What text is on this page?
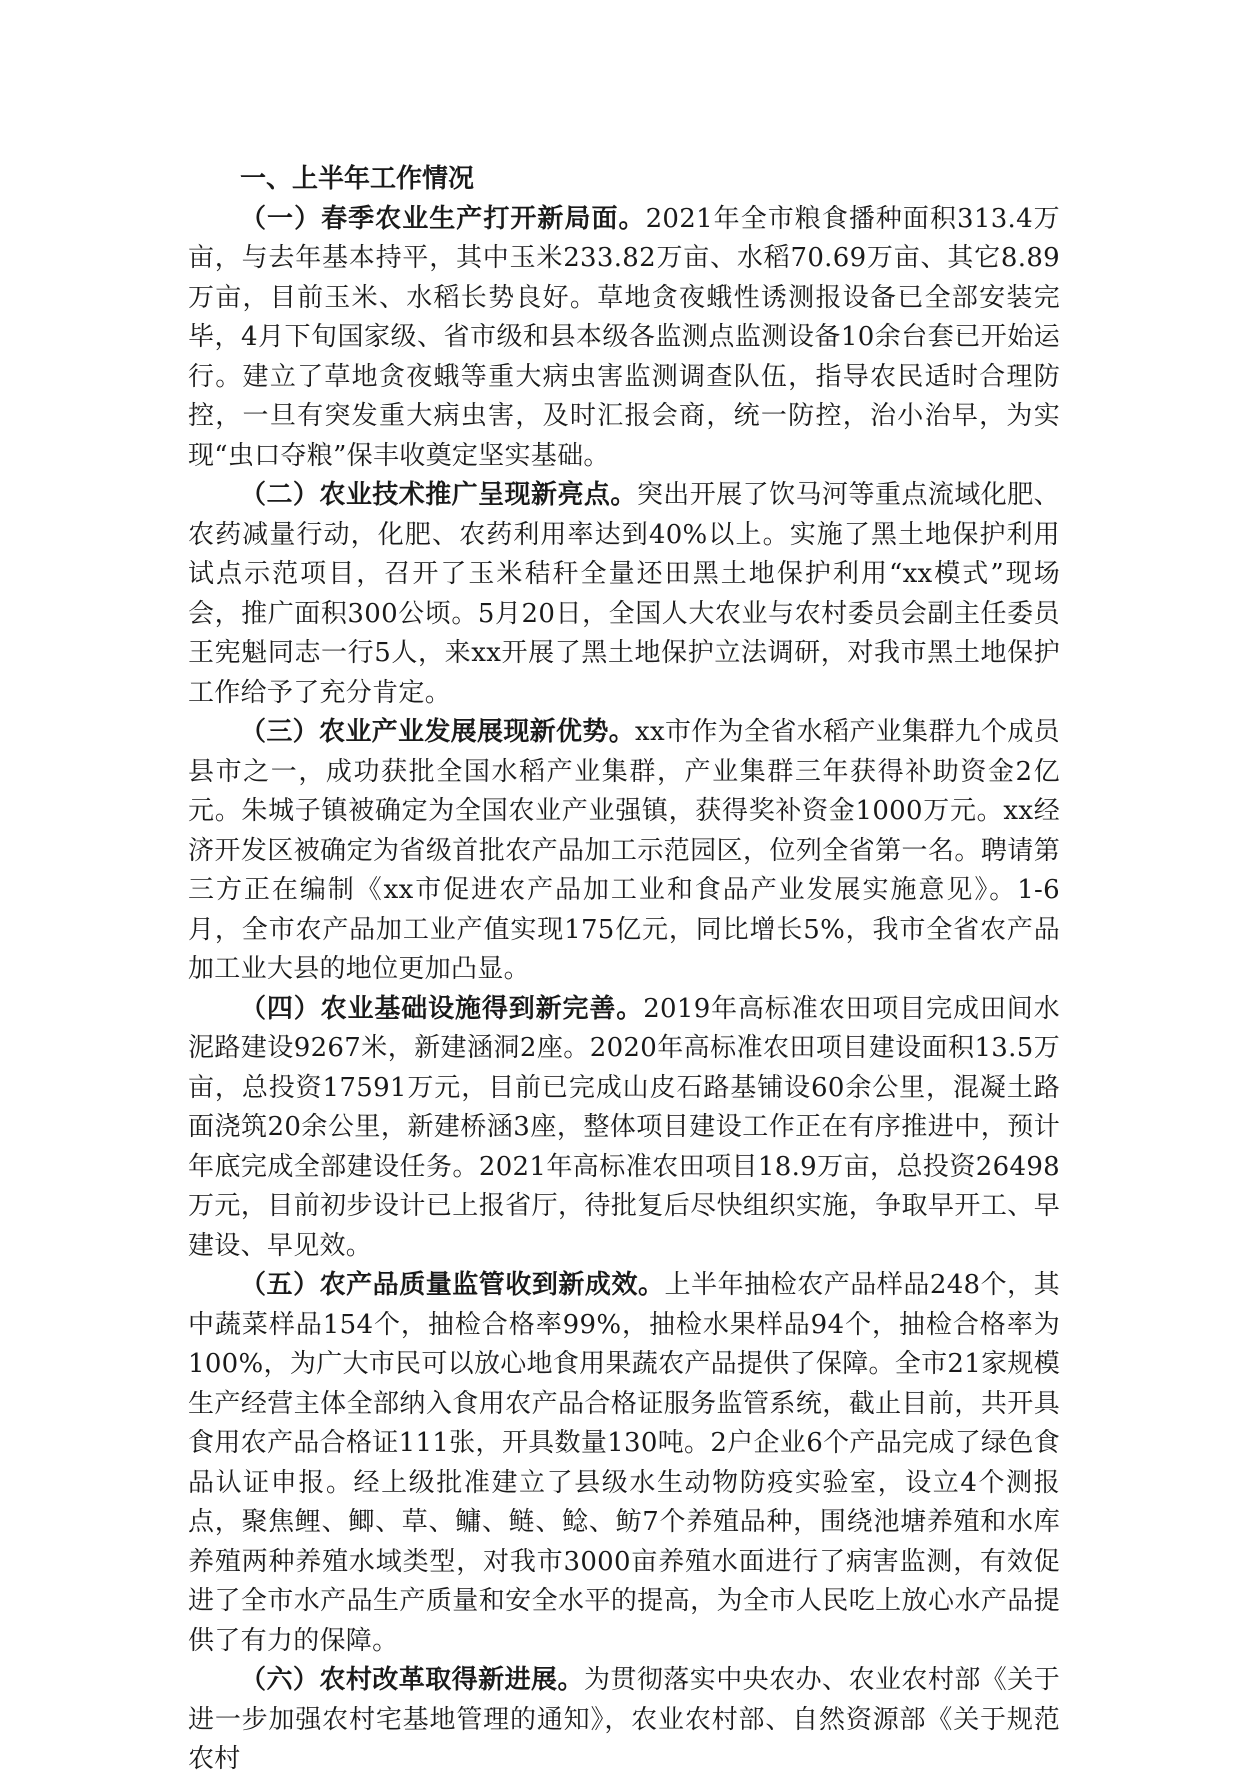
一、上半年工作情况

（一）春季农业生产打开新局面。2021年全市粮食播种面积313.4万亩，与去年基本持平，其中玉米233.82万亩、水稻70.69万亩、其它8.89万亩，目前玉米、水稻长势良好。草地贪夜蛾性诱测报设备已全部安装完毕，4月下旬国家级、省市级和县本级各监测点监测设备10余台套已开始运行。建立了草地贪夜蛾等重大病虫害监测调查队伍，指导农民适时合理防控，一旦有突发重大病虫害，及时汇报会商，统一防控，治小治早，为实现“虫口夺粮”保丰收奠定坚实基础。

（二）农业技术推广呈现新亮点。突出开展了饮马河等重点流域化肥、农药减量行动，化肥、农药利用率达到40%以上。实施了黑土地保护利用试点示范项目，召开了玉米秸秆全量还田黑土地保护利用“xx模式”现场会，推广面积300公顷。5月20日，全国人大农业与农村委员会副主任委员王宪魁同志一行5人，来xx开展了黑土地保护立法调研，对我市黑土地保护工作给予了充分肯定。

（三）农业产业发展展现新优势。xx市作为全省水稻产业集群九个成员县市之一，成功获批全国水稻产业集群，产业集群三年获得补助资金2亿元。朱城子镇被确定为全国农业产业强镇，获得奖补资金1000万元。xx经济开发区被确定为省级首批农产品加工示范园区，位列全省第一名。聘请第三方正在编制《xx市促进农产品加工业和食品产业发展实施意见》。1-6月，全市农产品加工业产值实现175亿元，同比增长5%，我市全省农产品加工业大县的地位更加凸显。

（四）农业基础设施得到新完善。2019年高标准农田项目完成田间水泥路建设9267米，新建涵洞2座。2020年高标准农田项目建设面积13.5万亩，总投资17591万元，目前已完成山皮石路基铺设60余公里，混凝土路面浇筑20余公里，新建桥涵3座，整体项目建设工作正在有序推进中，预计年底完成全部建设任务。2021年高标准农田项目18.9万亩，总投资26498万元，目前初步设计已上报省厅，待批复后尽快组织实施，争取早开工、早建设、早见效。

（五）农产品质量监管收到新成效。上半年抽检农产品样品248个，其中蔬菜样品154个，抽检合格率99%，抽检水果样品94个，抽检合格率为100%，为广大市民可以放心地食用果蔬农产品提供了保障。全市21家规模生产经营主体全部纳入食用农产品合格证服务监管系统，截止目前，共开具食用农产品合格证111张，开具数量130吨。2户企业6个产品完成了绿色食品认证申报。经上级批准建立了县级水生动物防疫实验室，设立4个测报点，聚焦鲤、鲫、草、鳙、鲢、鲶、鲂7个养殖品种，围绕池塘养殖和水库养殖两种养殖水域类型，对我市3000亩养殖水面进行了病害监测，有效促进了全市水产品生产质量和安全水平的提高，为全市人民吃上放心水产品提供了有力的保障。

（六）农村改革取得新进展。为贯彻落实中央农办、农业农村部《关于进一步加强农村宅基地管理的通知》，农业农村部、自然资源部《关于规范农村
